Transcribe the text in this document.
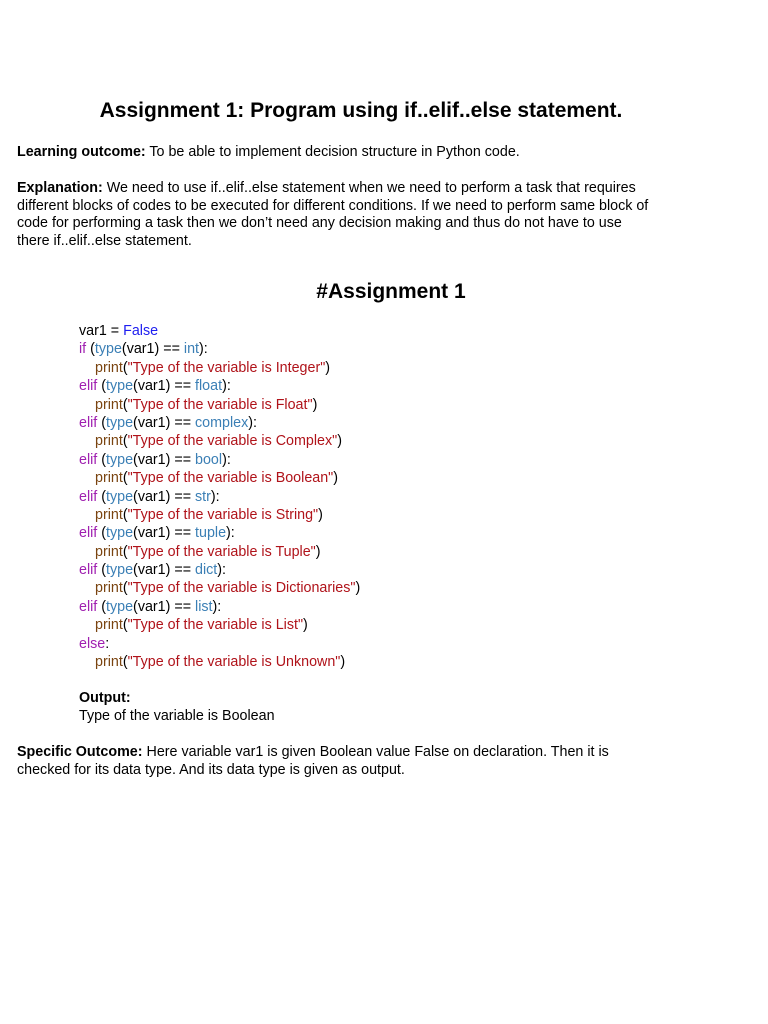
Assignment 1: Program using if..elif..else statement.
Learning outcome: To be able to implement decision structure in Python code.
Explanation: We need to use if..elif..else statement when we need to perform a task that requires different blocks of codes to be executed for different conditions. If we need to perform same block of code for performing a task then we don’t need any decision making and thus do not have to use there if..elif..else statement.
#Assignment 1
var1 = False
if (type(var1) == int):
print("Type of the variable is Integer")
elif (type(var1) == float):
print("Type of the variable is Float")
elif (type(var1) == complex):
print("Type of the variable is Complex")
elif (type(var1) == bool):
print("Type of the variable is Boolean")
elif (type(var1) == str):
print("Type of the variable is String")
elif (type(var1) == tuple):
print("Type of the variable is Tuple")
elif (type(var1) == dict):
print("Type of the variable is Dictionaries")
elif (type(var1) == list):
print("Type of the variable is List")
else:
print("Type of the variable is Unknown")
Output:
Type of the variable is Boolean
Specific Outcome: Here variable var1 is given Boolean value False on declaration. Then it is checked for its data type. And its data type is given as output.
